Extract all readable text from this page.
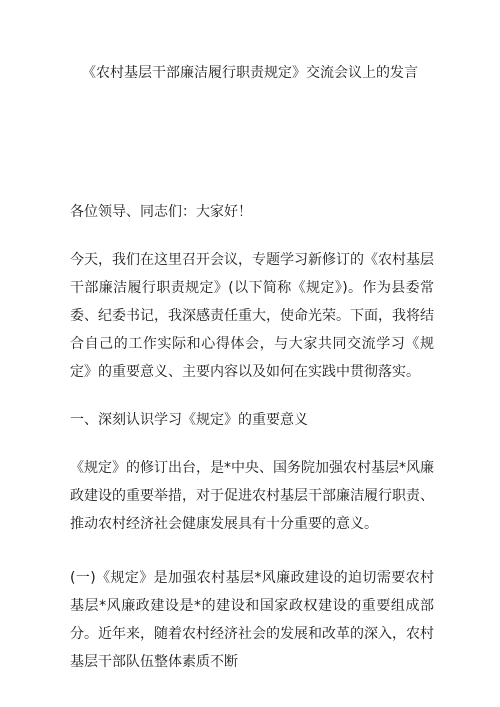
《农村基层干部廉洁履行职责规定》交流会议上的发言

各位领导、同志们：大家好！

今天，我们在这里召开会议，专题学习新修订的《农村基层干部廉洁履行职责规定》(以下简称《规定》)。作为县委常委、纪委书记，我深感责任重大，使命光荣。下面，我将结合自己的工作实际和心得体会，与大家共同交流学习《规定》的重要意义、主要内容以及如何在实践中贯彻落实。

一、深刻认识学习《规定》的重要意义

《规定》的修订出台，是*中央、国务院加强农村基层*风廉政建设的重要举措，对于促进农村基层干部廉洁履行职责、推动农村经济社会健康发展具有十分重要的意义。

(一)《规定》是加强农村基层*风廉政建设的迫切需要农村基层*风廉政建设是*的建设和国家政权建设的重要组成部分。近年来，随着农村经济社会的发展和改革的深入，农村基层干部队伍整体素质不断
